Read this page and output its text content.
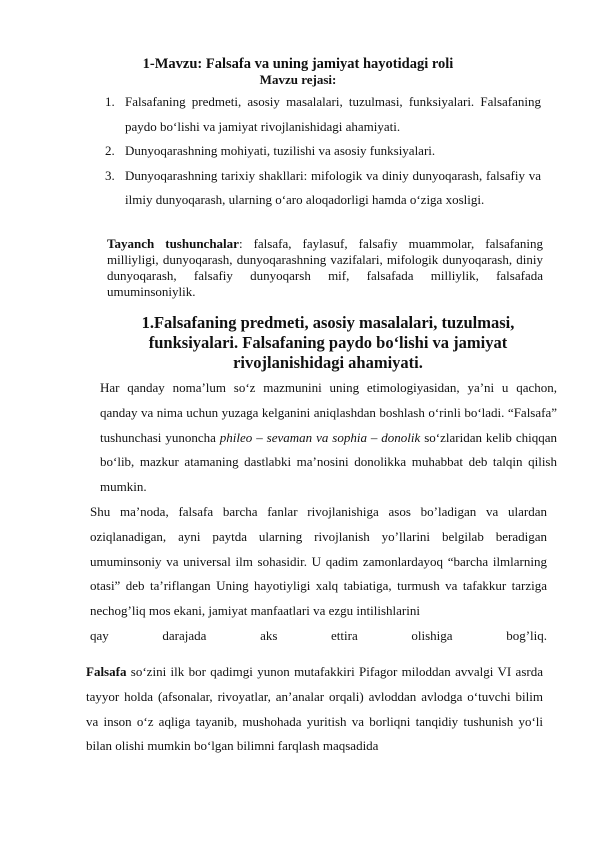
1-Mavzu: Falsafa va uning jamiyat hayotidagi roli
Mavzu rejasi:
1. Falsafaning predmeti, asosiy masalalari, tuzulmasi, funksiyalari. Falsafaning paydo bo‘lishi va jamiyat rivojlanishidagi ahamiyati.
2. Dunyoqarashning mohiyati, tuzilishi va asosiy funksiyalari.
3. Dunyoqarashning tarixiy shakllari: mifologik va diniy dunyoqarash, falsafiy va ilmiy dunyoqarash, ularning o‘aro aloqadorligi hamda o‘ziga xosligi.
Tayanch tushunchalar: falsafa, faylasuf, falsafiy muammolar, falsafaning milliyligi, dunyoqarash, dunyoqarashning vazifalari, mifologik dunyoqarash, diniy dunyoqarash, falsafiy dunyoqarsh mif, falsafada milliylik, falsafada umuminsoniylik.
1.Falsafaning predmeti, asosiy masalalari, tuzulmasi, funksiyalari. Falsafaning paydo bo‘lishi va jamiyat rivojlanishidagi ahamiyati.

Har qanday noma’lum so‘z mazmunini uning etimologiyasidan, ya’ni u qachon, qanday va nima uchun yuzaga kelganini aniqlashdan boshlash o‘rinli bo‘ladi. “Falsafa” tushunchasi yunoncha phileo – sevaman va sophia – donolik so‘zlaridan kelib chiqqan bo‘lib, mazkur atamaning dastlabki ma’nosini donolikka muhabbat deb talqin qilish mumkin.

Shu ma’noda, falsafa barcha fanlar rivojlanishiga asos bo’ladigan va ulardan oziqlanadigan, ayni paytda ularning rivojlanish yo’llarini belgilab beradigan umuminsoniy va universal ilm sohasidir. U qadim zamonlardayoq “barcha ilmlarning otasi” deb ta’riflangan Uning hayotiyligi xalq tabiatiga, turmush va tafakkur tarziga nechog’liq mos ekani, jamiyat manfaatlari va ezgu intilishlarini
qay darajada aks ettira olishiga bog’liq.

Falsafa so‘zini ilk bor qadimgi yunon mutafakkiri Pifagor miloddan avvalgi VI asrda tayyor holda (afsonalar, rivoyatlar, an’analar orqali) avloddan avlodga o‘tuvchi bilim va inson o‘z aqliga tayanib, mushohada yuritish va borliqni tanqidiy tushunish yo‘li bilan olishi mumkin bo‘lgan bilimni farqlash maqsadida
